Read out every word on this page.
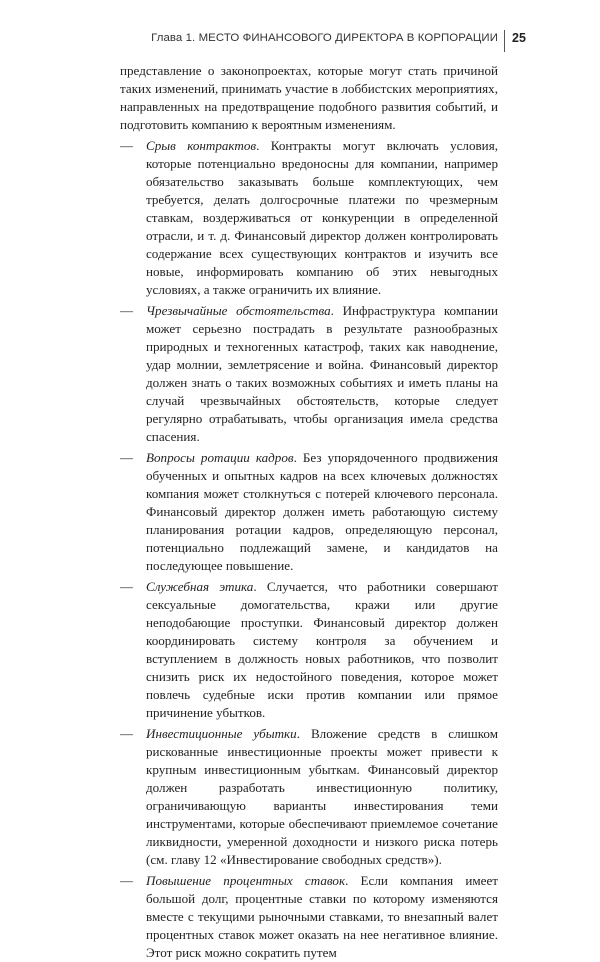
Глава 1. МЕСТО ФИНАНСОВОГО ДИРЕКТОРА В КОРПОРАЦИИ 25

представление о законопроектах, которые могут стать причиной таких изменений, принимать участие в лоббистских мероприятиях, направленных на предотвращение подобного развития событий, и подготовить компанию к вероятным изменениям.

— Срыв контрактов. Контракты могут включать условия, которые потенциально вредоносны для компании, например обязательство заказывать больше комплектующих, чем требуется, делать долгосрочные платежи по чрезмерным ставкам, воздерживаться от конкуренции в определенной отрасли, и т. д. Финансовый директор должен контролировать содержание всех существующих контрактов и изучить все новые, информировать компанию об этих невыгодных условиях, а также ограничить их влияние.

— Чрезвычайные обстоятельства. Инфраструктура компании может серьезно пострадать в результате разнообразных природных и техногенных катастроф, таких как наводнение, удар молнии, землетрясение и война. Финансовый директор должен знать о таких возможных событиях и иметь планы на случай чрезвычайных обстоятельств, которые следует регулярно отрабатывать, чтобы организация имела средства спасения.

— Вопросы ротации кадров. Без упорядоченного продвижения обученных и опытных кадров на всех ключевых должностях компания может столкнуться с потерей ключевого персонала. Финансовый директор должен иметь работающую систему планирования ротации кадров, определяющую персонал, потенциально подлежащий замене, и кандидатов на последующее повышение.

— Служебная этика. Случается, что работники совершают сексуальные домогательства, кражи или другие неподобающие проступки. Финансовый директор должен координировать систему контроля за обучением и вступлением в должность новых работников, что позволит снизить риск их недостойного поведения, которое может повлечь судебные иски против компании или прямое причинение убытков.

— Инвестиционные убытки. Вложение средств в слишком рискованные инвестиционные проекты может привести к крупным инвестиционным убыткам. Финансовый директор должен разработать инвестиционную политику, ограничивающую варианты инвестирования теми инструментами, которые обеспечивают приемлемое сочетание ликвидности, умеренной доходности и низкого риска потерь (см. главу 12 «Инвестирование свободных средств»).

— Повышение процентных ставок. Если компания имеет большой долг, процентные ставки по которому изменяются вместе с текущими рыночными ставками, то внезапный валет процентных ставок может оказать на нее негативное влияние. Этот риск можно сократить путем
